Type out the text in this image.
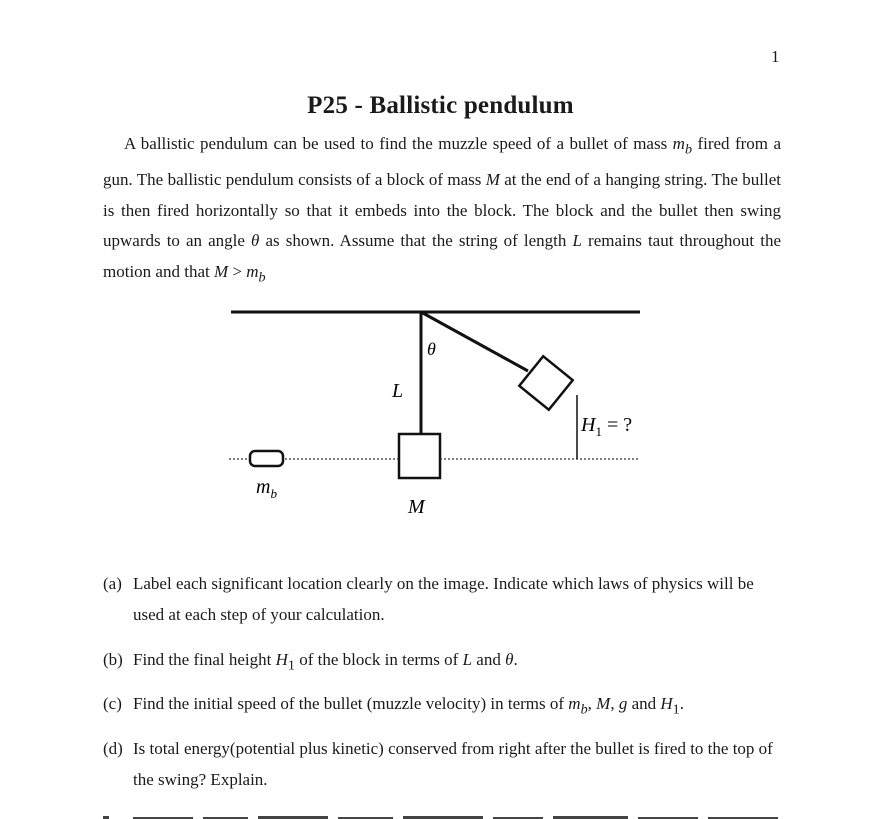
1
P25 - Ballistic pendulum

A ballistic pendulum can be used to find the muzzle speed of a bullet of mass $m_b$ fired from a gun. The ballistic pendulum consists of a block of mass M at the end of a hanging string. The bullet is then fired horizontally so that it embeds into the block. The block and the bullet then swing upwards to an angle θ as shown. Assume that the string of length L remains taut throughout the motion and that $M > m_b$

θ
L
$H_1$ = ?
$m_b$
M
(a) Label each significant location clearly on the image. Indicate which laws of physics will be used at each step of your calculation.
(b) Find the final height $H_1$ of the block in terms of L and θ.
(c) Find the initial speed of the bullet (muzzle velocity) in terms of $m_b$, M, g and $H_1$.
(d) Is total energy(potential plus kinetic) conserved from right after the bullet is fired to the top of the swing? Explain.
